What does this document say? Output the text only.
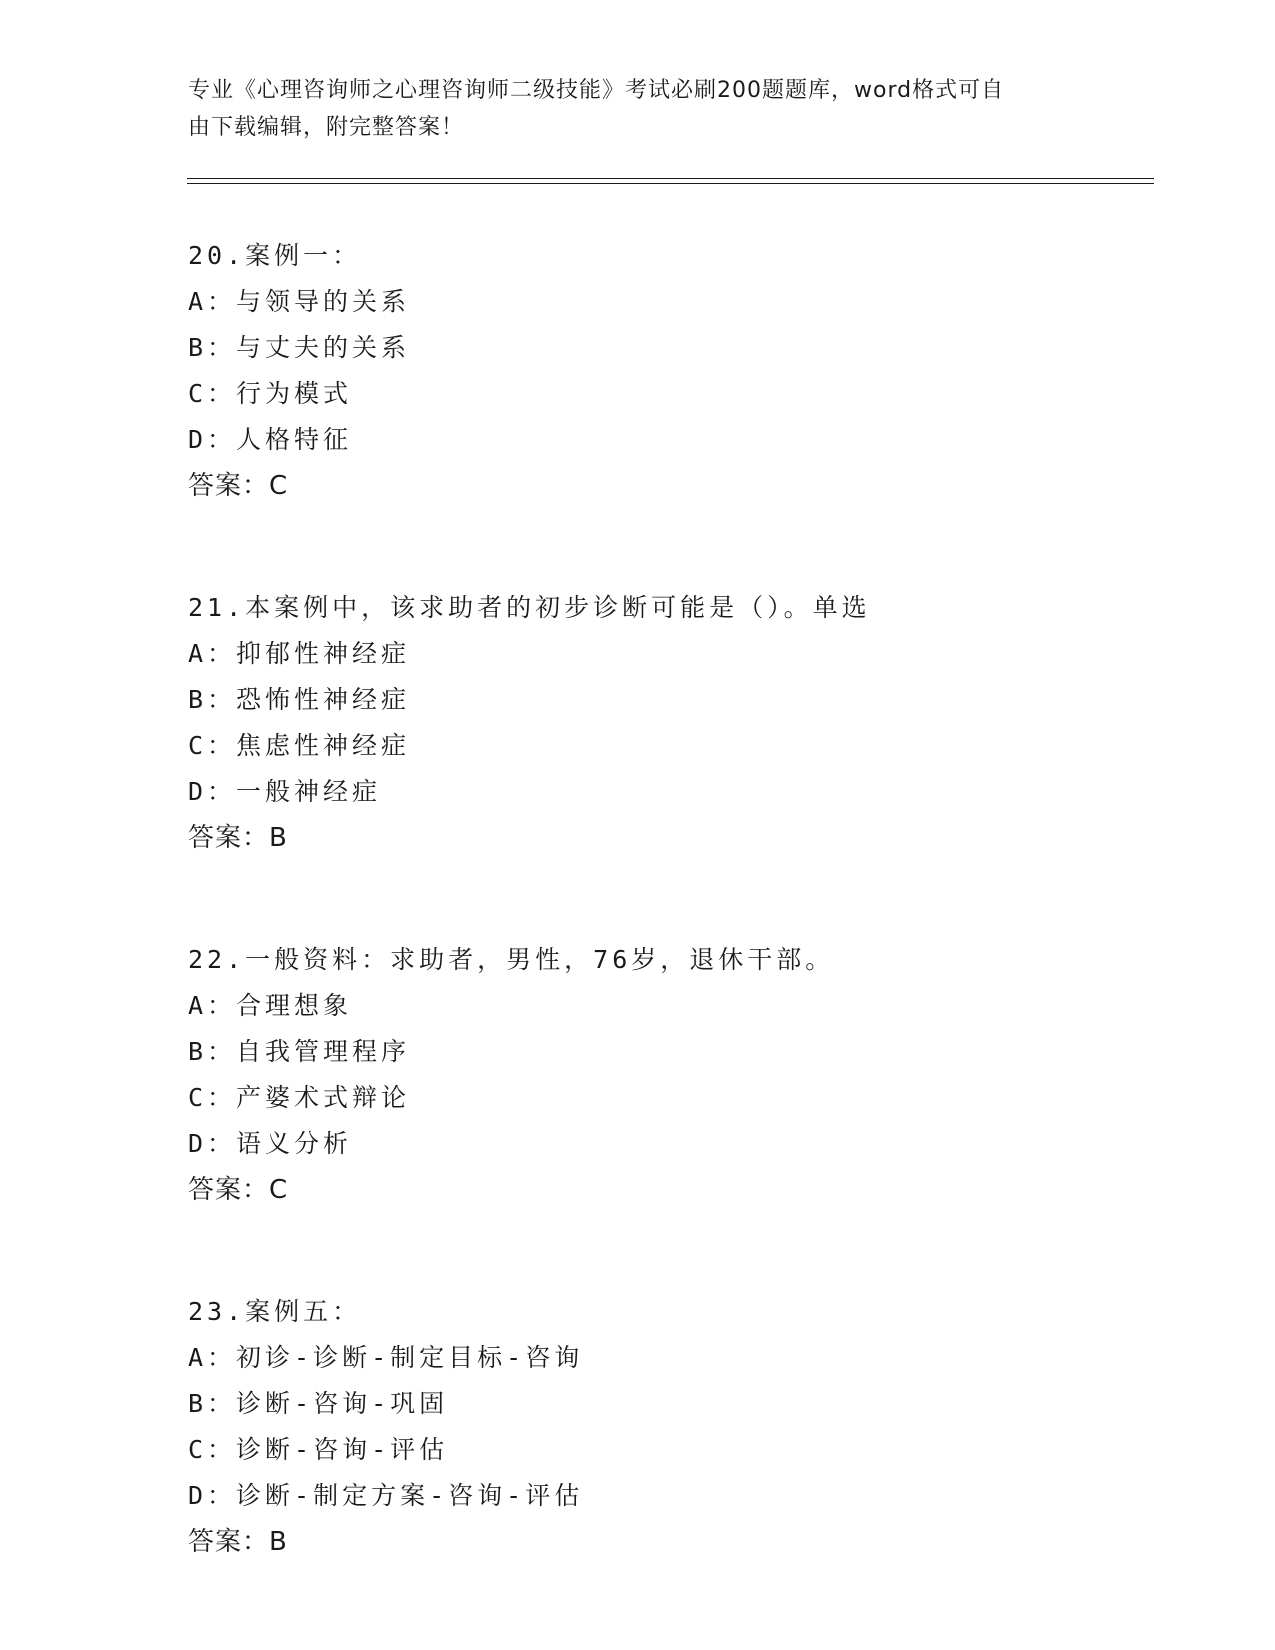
专业《心理咨询师之心理咨询师二级技能》考试必刷200题题库，word格式可自
由下载编辑，附完整答案！
20.案例一：
A：与领导的关系
B：与丈夫的关系
C：行为模式
D：人格特征
答案：C
21.本案例中，该求助者的初步诊断可能是（）。单选
A：抑郁性神经症
B：恐怖性神经症
C：焦虑性神经症
D：一般神经症
答案：B
22.一般资料：求助者，男性，76岁，退休干部。
A：合理想象
B：自我管理程序
C：产婆术式辩论
D：语义分析
答案：C
23.案例五：
A：初诊-诊断-制定目标-咨询
B：诊断-咨询-巩固
C：诊断-咨询-评估
D：诊断-制定方案-咨询-评估
答案：B
